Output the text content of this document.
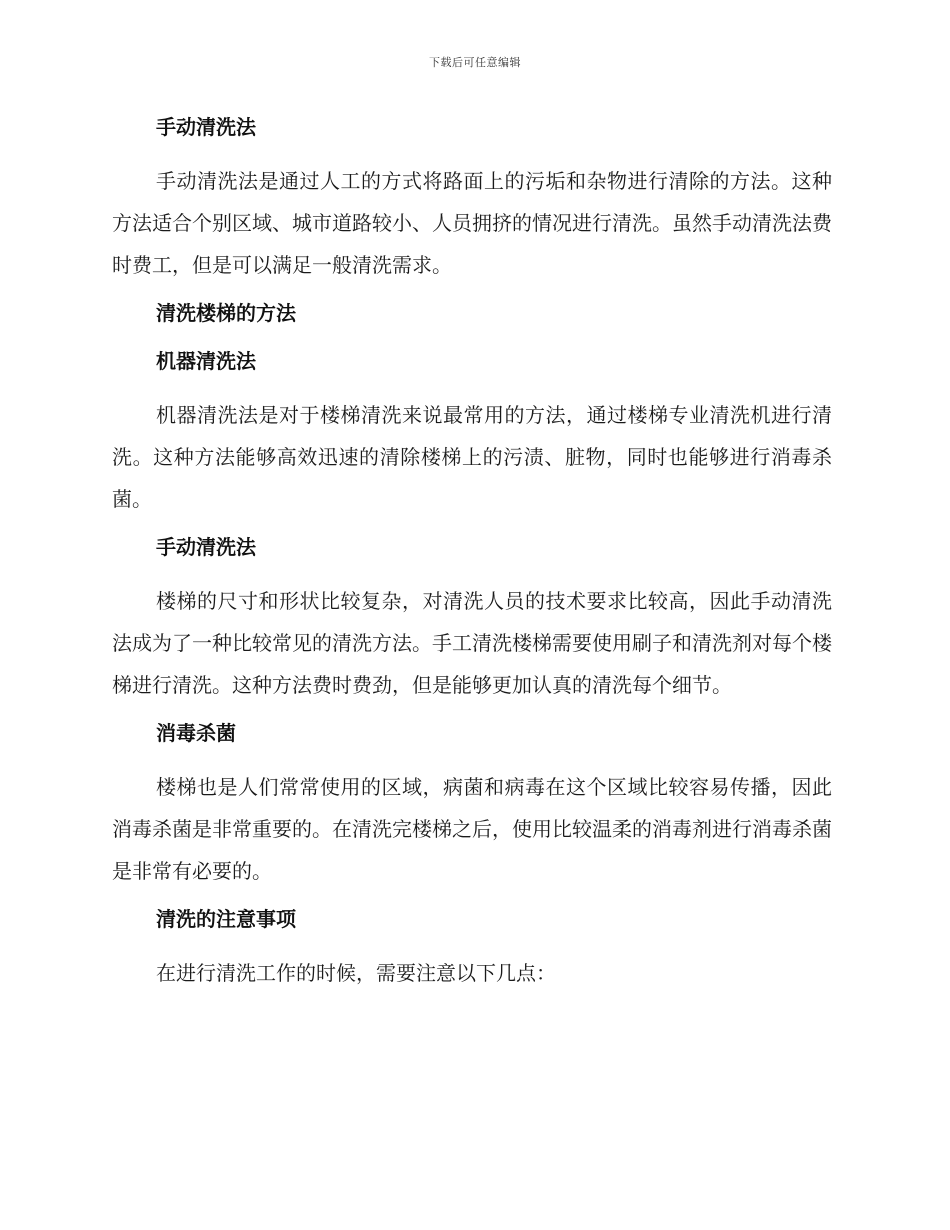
下载后可任意编辑
手动清洗法
手动清洗法是通过人工的方式将路面上的污垢和杂物进行清除的方法。这种方法适合个别区域、城市道路较小、人员拥挤的情况进行清洗。虽然手动清洗法费时费工，但是可以满足一般清洗需求。
清洗楼梯的方法
机器清洗法
机器清洗法是对于楼梯清洗来说最常用的方法，通过楼梯专业清洗机进行清洗。这种方法能够高效迅速的清除楼梯上的污渍、脏物，同时也能够进行消毒杀菌。
手动清洗法
楼梯的尺寸和形状比较复杂，对清洗人员的技术要求比较高，因此手动清洗法成为了一种比较常见的清洗方法。手工清洗楼梯需要使用刷子和清洗剂对每个楼梯进行清洗。这种方法费时费劲，但是能够更加认真的清洗每个细节。
消毒杀菌
楼梯也是人们常常使用的区域，病菌和病毒在这个区域比较容易传播，因此消毒杀菌是非常重要的。在清洗完楼梯之后，使用比较温柔的消毒剂进行消毒杀菌是非常有必要的。
清洗的注意事项
在进行清洗工作的时候，需要注意以下几点：
